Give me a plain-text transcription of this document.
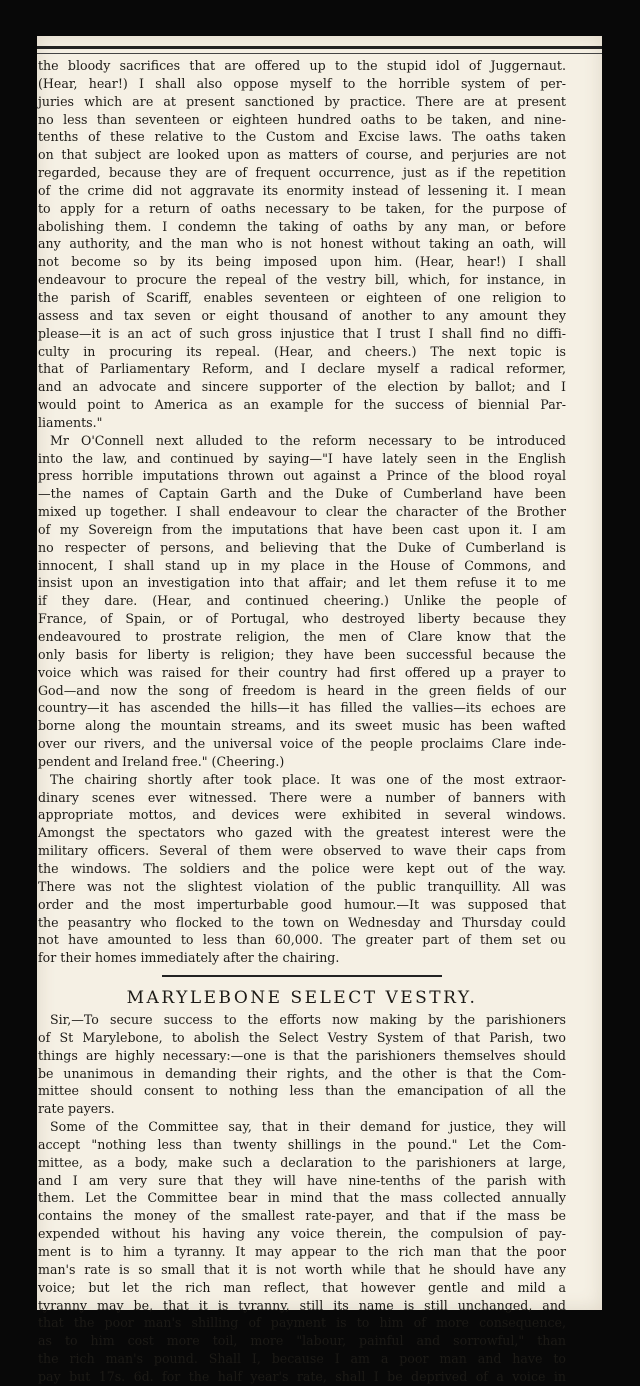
the bloody sacrifices that are offered up to the stupid idol of Juggernaut.

(Hear, hear!) I shall also oppose myself to the horrible system of per-

juries which are at present sanctioned by practice. There are at present

no less than seventeen or eighteen hundred oaths to be taken, and nine-

tenths of these relative to the Custom and Excise laws. The oaths taken

on that subject are looked upon as matters of course, and perjuries are not

regarded, because they are of frequent occurrence, just as if the repetition

of the crime did not aggravate its enormity instead of lessening it. I mean

to apply for a return of oaths necessary to be taken, for the purpose of

abolishing them. I condemn the taking of oaths by any man, or before

any authority, and the man who is not honest without taking an oath, will

not become so by its being imposed upon him. (Hear, hear!) I shall

endeavour to procure the repeal of the vestry bill, which, for instance, in

the parish of Scariff, enables seventeen or eighteen of one religion to

assess and tax seven or eight thousand of another to any amount they

please—it is an act of such gross injustice that I trust I shall find no diffi-

culty in procuring its repeal. (Hear, and cheers.) The next topic is

that of Parliamentary Reform, and I declare myself a radical reformer,

and an advocate and sincere supporter of the election by ballot; and I

would point to America as an example for the success of biennial Par-

liaments."

Mr O'Connell next alluded to the reform necessary to be introduced

into the law, and continued by saying—"I have lately seen in the English

press horrible imputations thrown out against a Prince of the blood royal

—the names of Captain Garth and the Duke of Cumberland have been

mixed up together. I shall endeavour to clear the character of the Brother

of my Sovereign from the imputations that have been cast upon it. I am

no respecter of persons, and believing that the Duke of Cumberland is

innocent, I shall stand up in my place in the House of Commons, and

insist upon an investigation into that affair; and let them refuse it to me

if they dare. (Hear, and continued cheering.) Unlike the people of

France, of Spain, or of Portugal, who destroyed liberty because they

endeavoured to prostrate religion, the men of Clare know that the

only basis for liberty is religion; they have been successful because the

voice which was raised for their country had first offered up a prayer to

God—and now the song of freedom is heard in the green fields of our

country—it has ascended the hills—it has filled the vallies—its echoes are

borne along the mountain streams, and its sweet music has been wafted

over our rivers, and the universal voice of the people proclaims Clare inde-

pendent and Ireland free." (Cheering.)

The chairing shortly after took place. It was one of the most extraor-

dinary scenes ever witnessed. There were a number of banners with

appropriate mottos, and devices were exhibited in several windows.

Amongst the spectators who gazed with the greatest interest were the

military officers. Several of them were observed to wave their caps from

the windows. The soldiers and the police were kept out of the way.

There was not the slightest violation of the public tranquillity. All was

order and the most imperturbable good humour.—It was supposed that

the peasantry who flocked to the town on Wednesday and Thursday could

not have amounted to less than 60,000. The greater part of them set ou

for their homes immediately after the chairing.

MARYLEBONE SELECT VESTRY.

Sir,—To secure success to the efforts now making by the parishioners

of St Marylebone, to abolish the Select Vestry System of that Parish, two

things are highly necessary:—one is that the parishioners themselves should

be unanimous in demanding their rights, and the other is that the Com-

mittee should consent to nothing less than the emancipation of all the

rate payers.

Some of the Committee say, that in their demand for justice, they will

accept "nothing less than twenty shillings in the pound." Let the Com-

mittee, as a body, make such a declaration to the parishioners at large,

and I am very sure that they will have nine-tenths of the parish with

them. Let the Committee bear in mind that the mass collected annually

contains the money of the smallest rate-payer, and that if the mass be

expended without his having any voice therein, the compulsion of pay-

ment is to him a tyranny. It may appear to the rich man that the poor

man's rate is so small that it is not worth while that he should have any

voice; but let the rich man reflect, that however gentle and mild a

tyranny may be, that it is tyranny, still its name is still unchanged, and

that the poor man's shilling of payment is to him of more consequence,

as to him cost more toil, more "labour, painful and sorrowful," than

the rich man's pound. Shall I, because I am a poor man and have to

pay but 17s. 6d. for the half year's rate, shall I be deprived of a voice in
